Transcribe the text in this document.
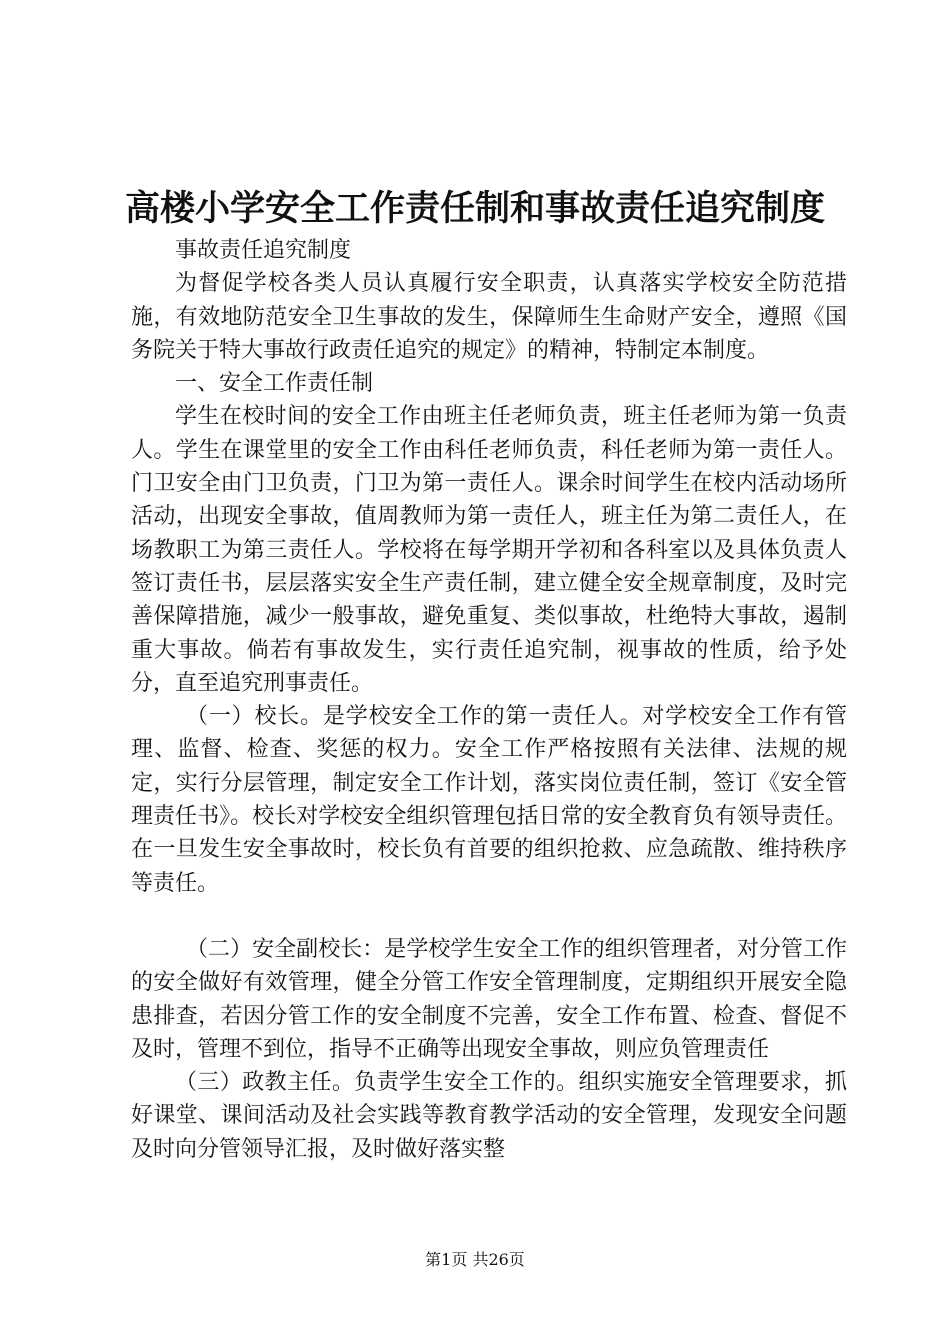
高楼小学安全工作责任制和事故责任追究制度

事故责任追究制度

为督促学校各类人员认真履行安全职责，认真落实学校安全防范措施，有效地防范安全卫生事故的发生，保障师生生命财产安全，遵照《国务院关于特大事故行政责任追究的规定》的精神，特制定本制度。

一、安全工作责任制

学生在校时间的安全工作由班主任老师负责，班主任老师为第一负责人。学生在课堂里的安全工作由科任老师负责，科任老师为第一责任人。门卫安全由门卫负责，门卫为第一责任人。课余时间学生在校内活动场所活动，出现安全事故，值周教师为第一责任人，班主任为第二责任人，在场教职工为第三责任人。学校将在每学期开学初和各科室以及具体负责人签订责任书，层层落实安全生产责任制，建立健全安全规章制度，及时完善保障措施，减少一般事故，避免重复、类似事故，杜绝特大事故，遏制重大事故。倘若有事故发生，实行责任追究制，视事故的性质，给予处分，直至追究刑事责任。

（一）校长。是学校安全工作的第一责任人。对学校安全工作有管理、监督、检查、奖惩的权力。安全工作严格按照有关法律、法规的规定，实行分层管理，制定安全工作计划，落实岗位责任制，签订《安全管理责任书》。校长对学校安全组织管理包括日常的安全教育负有领导责任。在一旦发生安全事故时，校长负有首要的组织抢救、应急疏散、维持秩序等责任。

（二）安全副校长：是学校学生安全工作的组织管理者，对分管工作的安全做好有效管理，健全分管工作安全管理制度，定期组织开展安全隐患排查，若因分管工作的安全制度不完善，安全工作布置、检查、督促不及时，管理不到位，指导不正确等出现安全事故，则应负管理责任

（三）政教主任。负责学生安全工作的。组织实施安全管理要求，抓好课堂、课间活动及社会实践等教育教学活动的安全管理，发现安全问题及时向分管领导汇报，及时做好落实整

第1页 共26页
